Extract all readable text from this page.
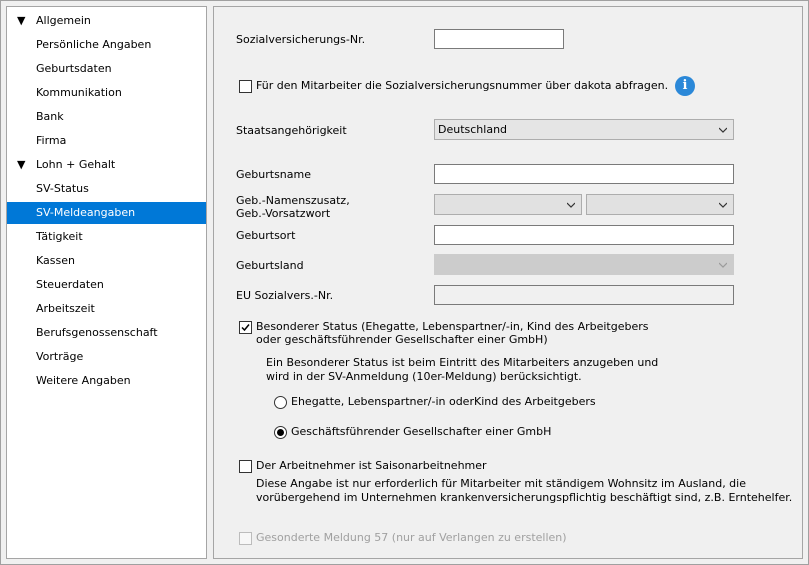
▼ Allgemein
Persönliche Angaben
Geburtsdaten
Kommunikation
Bank
Firma
▼ Lohn + Gehalt
SV-Status
SV-Meldeangaben
Tätigkeit
Kassen
Steuerdaten
Arbeitszeit
Berufsgenossenschaft
Vorträge
Weitere Angaben
Sozialversicherungs-Nr.
Für den Mitarbeiter die Sozialversicherungsnummer über dakota abfragen.	i
Staatsangehörigkeit	Deutschland
Geburtsname
Geb.-Namenszusatz,
Geb.-Vorsatzwort
Geburtsort
Geburtsland
EU Sozialvers.-Nr.
Besonderer Status (Ehegatte, Lebenspartner/-in, Kind des Arbeitgebers
oder geschäftsführender Gesellschafter einer GmbH)
Ein Besonderer Status ist beim Eintritt des Mitarbeiters anzugeben und
wird in der SV-Anmeldung (10er-Meldung) berücksichtigt.
Ehegatte, Lebenspartner/-in oderKind des Arbeitgebers
Geschäftsführender Gesellschafter einer GmbH
Der Arbeitnehmer ist Saisonarbeitnehmer
Diese Angabe ist nur erforderlich für Mitarbeiter mit ständigem Wohnsitz im Ausland, die
vorübergehend im Unternehmen krankenversicherungspflichtig beschäftigt sind, z.B. Erntehelfer.
Gesonderte Meldung 57 (nur auf Verlangen zu erstellen)
